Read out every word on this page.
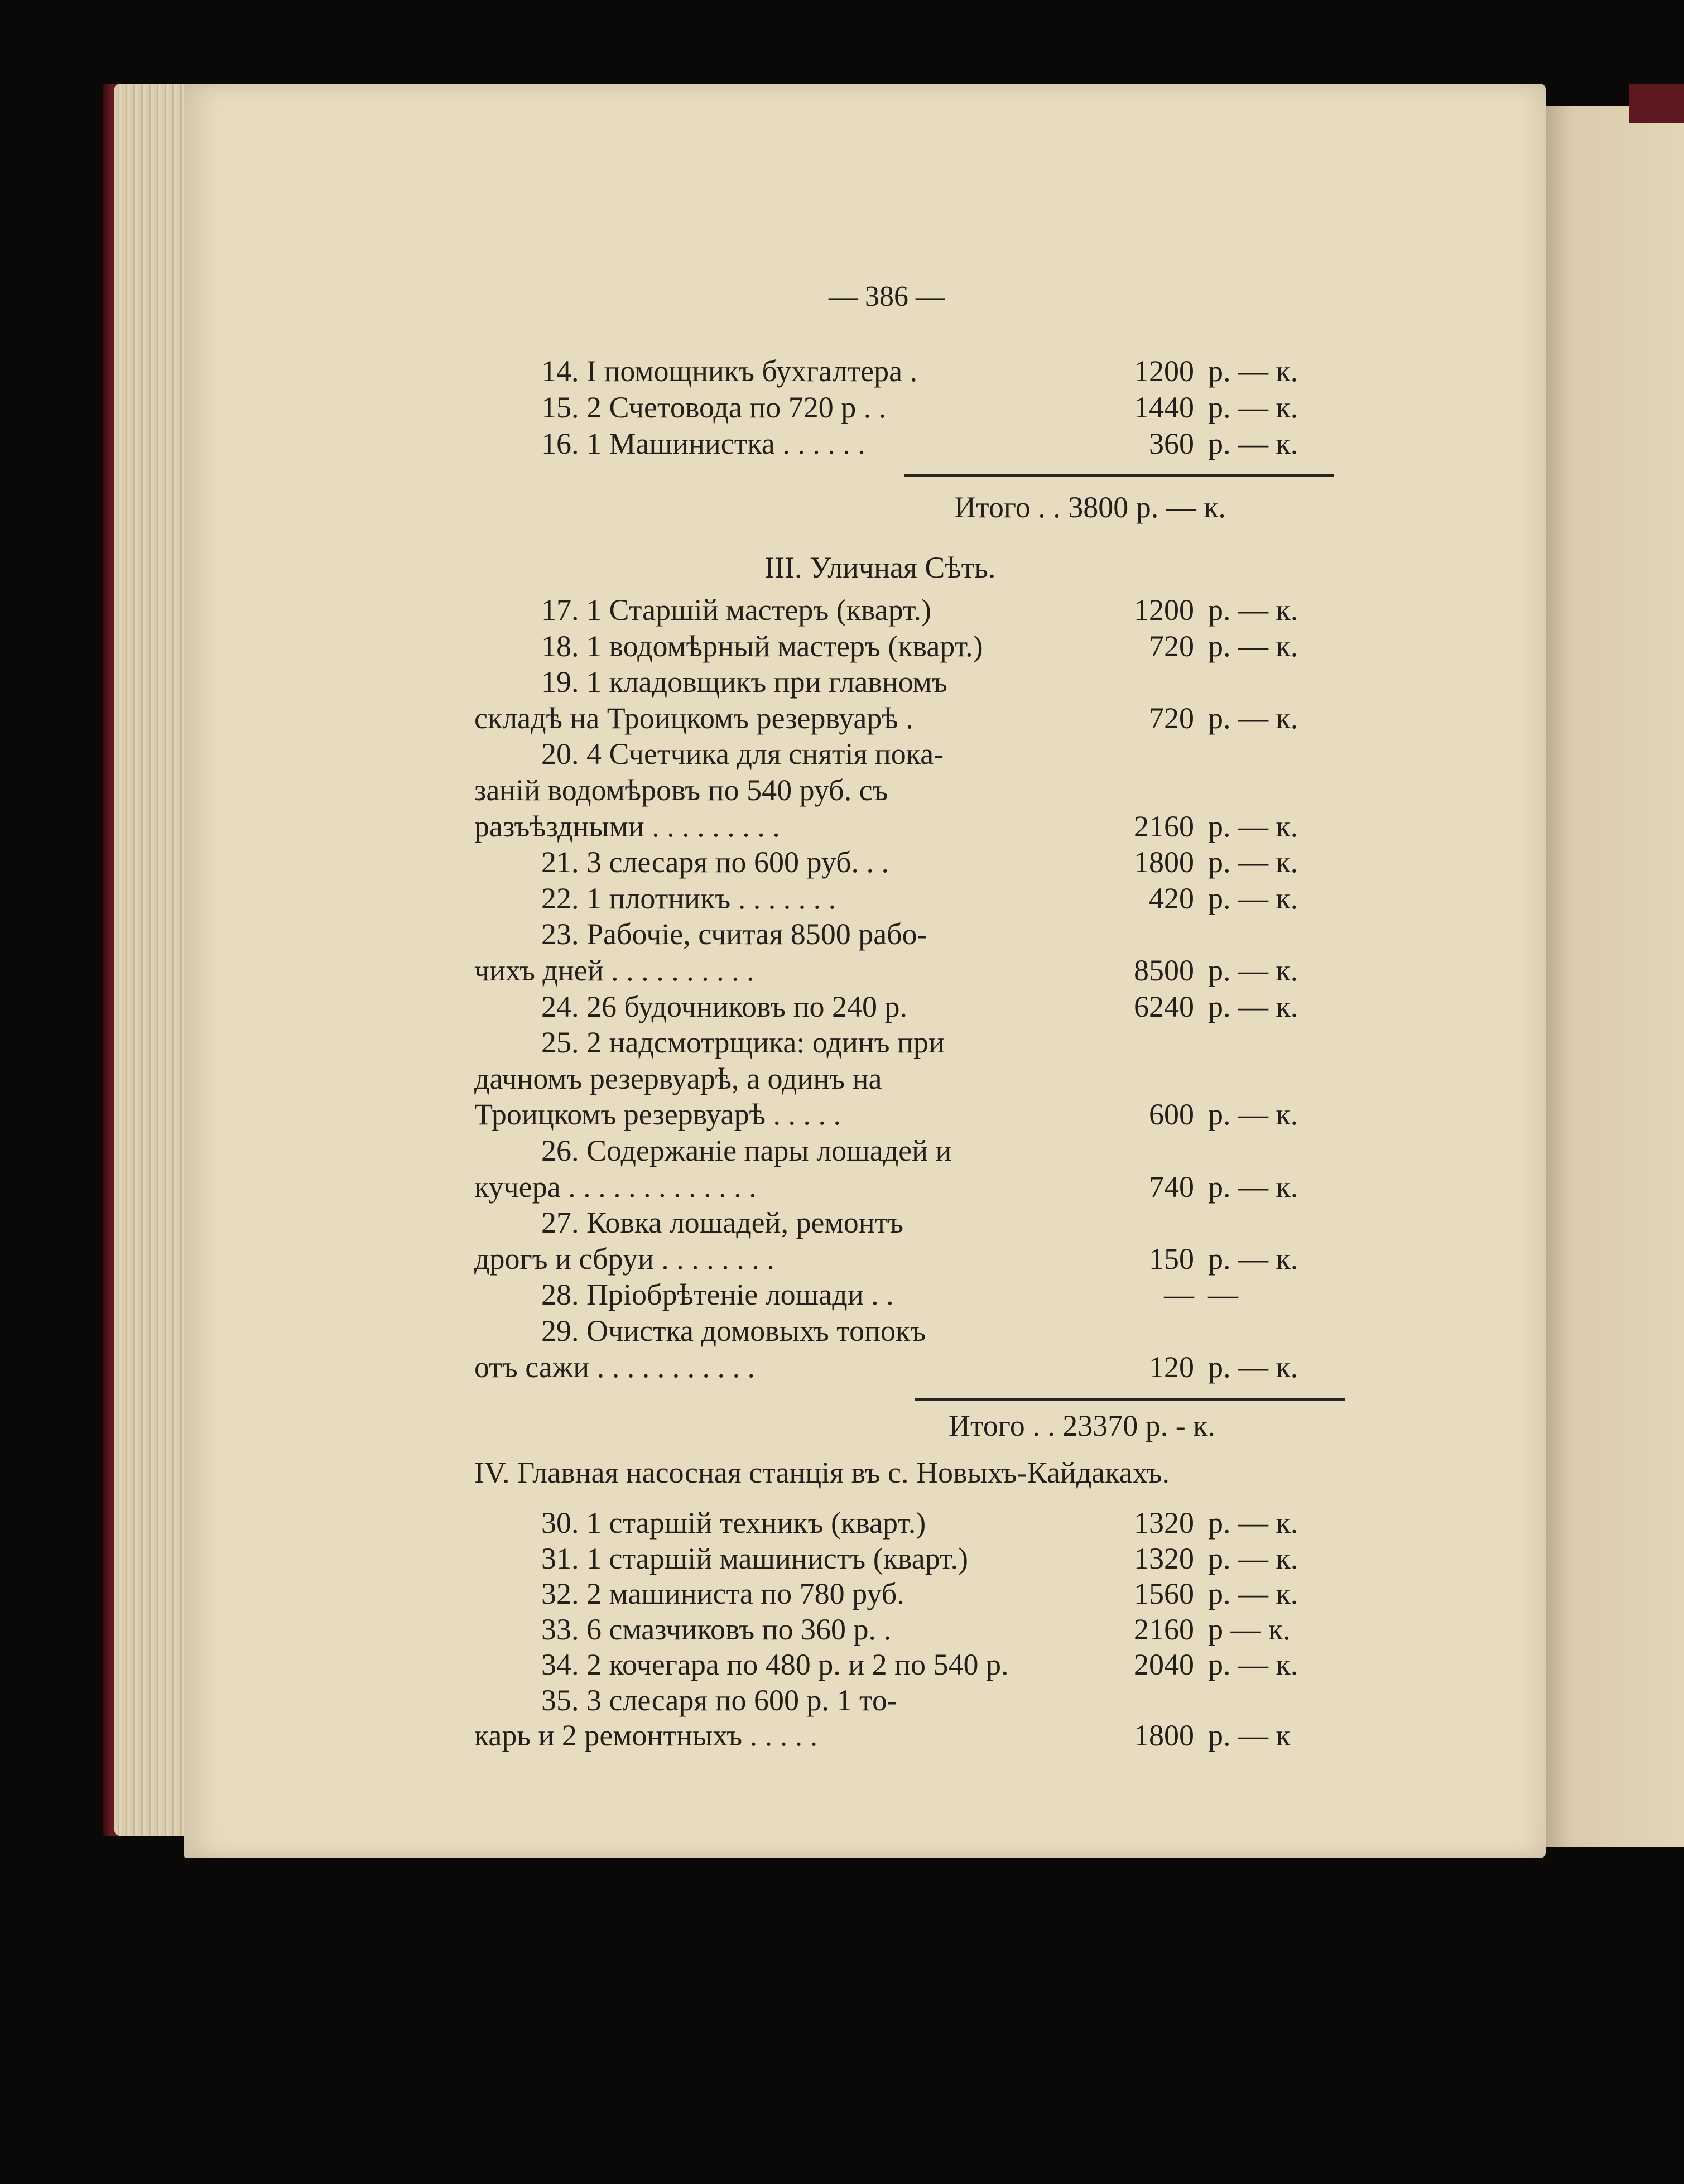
— 386 —
14. I помощникъ бухгалтера .	1200 р. — к.
15. 2 Счетовода по 720 р . .	1440 р. — к.
16. 1 Машинистка . . . . . .	360 р. — к.
Итого . . 3800 р. — к.
III. Уличная Сѣть.
17. 1 Старшій мастеръ (кварт.)	1200 р. — к.
18. 1 водомѣрный мастеръ (кварт.)	720 р. — к.
19. 1 кладовщикъ при главномъ
складѣ на Троицкомъ резервуарѣ .	720 р. — к.
20. 4 Счетчика для снятія пока-
заній водомѣровъ по 540 руб. съ
разъѣздными . . . . . . . . .	2160 р. — к.
21. 3 слесаря по 600 руб. . .	1800 р. — к.
22. 1 плотникъ . . . . . . .	420 р. — к.
23. Рабочіе, считая 8500 рабо-
чихъ дней . . . . . . . . . .	8500 р. — к.
24. 26 будочниковъ по 240 р.	6240 р. — к.
25. 2 надсмотрщика: одинъ при
дачномъ резервуарѣ, а одинъ на
Троицкомъ резервуарѣ . . . . .	600 р. — к.
26. Содержаніе пары лошадей и
кучера . . . . . . . . . . . . .	740 р. — к.
27. Ковка лошадей, ремонтъ
дрогъ и сбруи . . . . . . . .	150 р. — к.
28. Пріобрѣтеніе лошади . .	— —
29. Очистка домовыхъ топокъ
отъ сажи . . . . . . . . . . .	120 р. — к.
Итого . . 23370 р. - к.
IV. Главная насосная станція въ с. Новыхъ-Кайдакахъ.
30. 1 старшій техникъ (кварт.)	1320 р. — к.
31. 1 старшій машинистъ (кварт.)	1320 р. — к.
32. 2 машиниста по 780 руб.	1560 р. — к.
33. 6 смазчиковъ по 360 р. .	2160 р — к.
34. 2 кочегара по 480 р. и 2 по 540 р.	2040 р. — к.
35. 3 слесаря по 600 р. 1 то-
карь и 2 ремонтныхъ . . . . .	1800 р. — к
